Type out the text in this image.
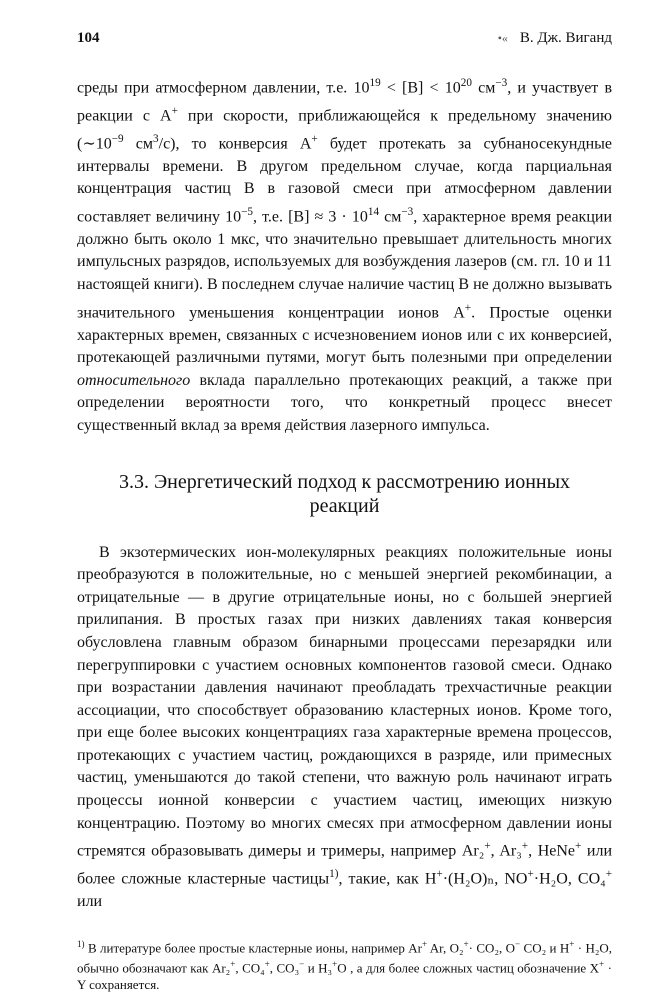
104	•« В. Дж. Виганд

среды при атмосферном давлении, т.е. $10^{19} < [B] < 10^{20}$ $см^{-3}$, и участвует в реакции с A+ при скорости, приближающейся к предельному значению ($\sim 10^{-9}$ $см^3/с$), то конверсия A+ будет протекать за субнаносекундные интервалы времени. В другом предельном случае, когда парциальная концентрация частиц B в газовой смеси при атмосферном давлении составляет величину $10^{-5}$, т.е. $[B] \approx 3 \cdot 10^{14}$ $см^{-3}$, характерное время реакции должно быть около 1 мкс, что значительно превышает длительность многих импульсных разрядов, используемых для возбуждения лазеров (см. гл. 10 и 11 настоящей книги). В последнем случае наличие частиц B не должно вызывать значительного уменьшения концентрации ионов A+. Простые оценки характерных времен, связанных с исчезновением ионов или с их конверсией, протекающей различными путями, могут быть полезными при определении относительного вклада параллельно протекающих реакций, а также при определении вероятности того, что конкретный процесс внесет существенный вклад за время действия лазерного импульса.

3.3. Энергетический подход к рассмотрению ионных
реакций

В экзотермических ион-молекулярных реакциях положительные ионы преобразуются в положительные, но с меньшей энергией рекомбинации, а отрицательные — в другие отрицательные ионы, но с большей энергией прилипания. В простых газах при низких давлениях такая конверсия обусловлена главным образом бинарными процессами перезарядки или перегруппировки с участием основных компонентов газовой смеси. Однако при возрастании давления начинают преобладать трехчастичные реакции ассоциации, что способствует образованию кластерных ионов. Кроме того, при еще более высоких концентрациях газа характерные времена процессов, протекающих с участием частиц, рождающихся в разряде, или примесных частиц, уменьшаются до такой степени, что важную роль начинают играть процессы ионной конверсии с участием частиц, имеющих низкую концентрацию. Поэтому во многих смесях при атмосферном давлении ионы стремятся образовывать димеры и тримеры, например Ar₂+, Ar₃+, HeNe+ или более сложные кластерные частицы$^{1)}$, такие, как H+·(H₂O)ₙ, NO+·H₂O, CO₄+ или

$^{1)}$ В литературе более простые кластерные ионы, например Ar+ Ar, O₂+· CO₂, O− CO₂ и H+ · H₂O, обычно обозначают как Ar₂+, CO₄+, CO₃− и H₃+O , а для более сложных частиц обозначение X+ · Y сохраняется.
